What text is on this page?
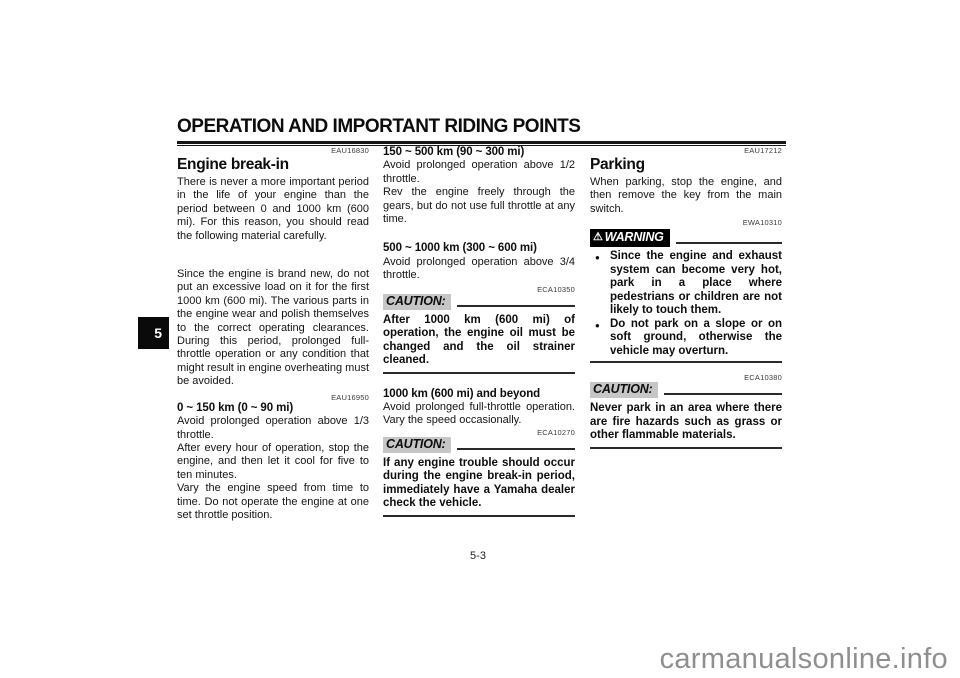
OPERATION AND IMPORTANT RIDING POINTS
EAU16830
Engine break-in

There is never a more important period in the life of your engine than the period between 0 and 1000 km (600 mi). For this reason, you should read the following material carefully.

Since the engine is brand new, do not put an excessive load on it for the first 1000 km (600 mi). The various parts in the engine wear and polish themselves to the correct operating clearances. During this period, prolonged full-throttle operation or any condition that might result in engine overheating must be avoided.

EAU16950
0 ~ 150 km (0 ~ 90 mi)

Avoid prolonged operation above 1/3 throttle.

After every hour of operation, stop the engine, and then let it cool for five to ten minutes.

Vary the engine speed from time to time. Do not operate the engine at one set throttle position.

150 ~ 500 km (90 ~ 300 mi)

Avoid prolonged operation above 1/2 throttle.

Rev the engine freely through the gears, but do not use full throttle at any time.

500 ~ 1000 km (300 ~ 600 mi)

Avoid prolonged operation above 3/4 throttle.

ECA10350
CAUTION:

After 1000 km (600 mi) of operation, the engine oil must be changed and the oil strainer cleaned.

1000 km (600 mi) and beyond

Avoid prolonged full-throttle operation. Vary the speed occasionally.

ECA10270
CAUTION:

If any engine trouble should occur during the engine break-in period, immediately have a Yamaha dealer check the vehicle.

EAU17212
Parking

When parking, stop the engine, and then remove the key from the main switch.

EWA10310
⚠ WARNING
● Since the engine and exhaust system can become very hot, park in a place where pedestrians or children are not likely to touch them.
● Do not park on a slope or on soft ground, otherwise the vehicle may overturn.
ECA10380
CAUTION:

Never park in an area where there are fire hazards such as grass or other flammable materials.

5
5-3
carmanualsonline.info
